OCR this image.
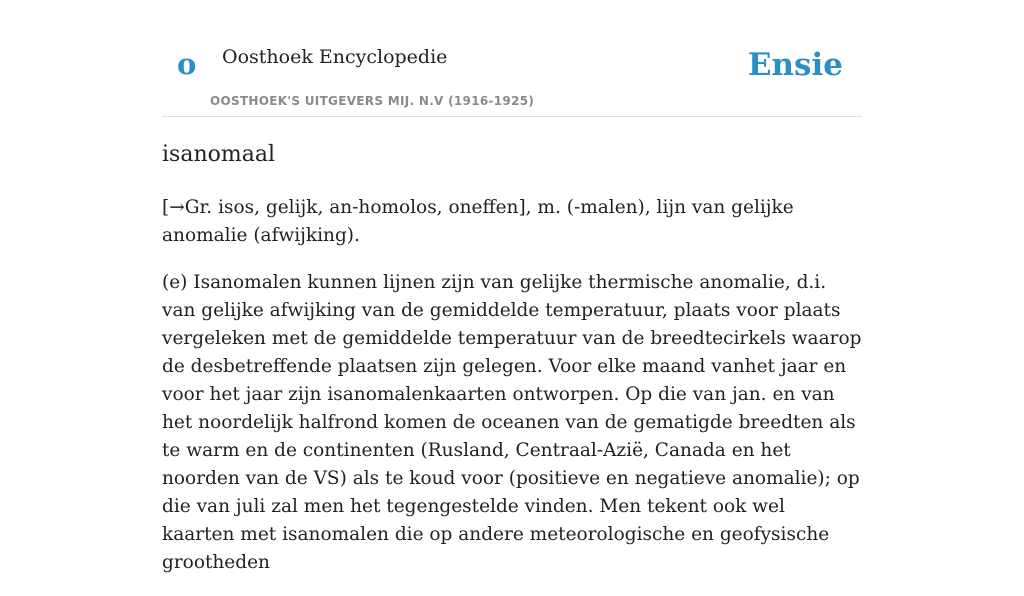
o Oosthoek Encyclopedie
OOSTHOEK'S UITGEVERS MIJ. N.V (1916-1925)
Ensie
isanomaal

[→Gr. isos, gelijk, an-homolos, oneffen], m. (-malen), lijn van gelijke anomalie (afwijking).

(e) Isanomalen kunnen lijnen zijn van gelijke thermische anomalie, d.i. van gelijke afwijking van de gemiddelde temperatuur, plaats voor plaats vergeleken met de gemiddelde temperatuur van de breedtecirkels waarop de desbetreffende plaatsen zijn gelegen. Voor elke maand vanhet jaar en voor het jaar zijn isanomalenkaarten ontworpen. Op die van jan. en van het noordelijk halfrond komen de oceanen van de gematigde breedten als te warm en de continenten (Rusland, Centraal-Azië, Canada en het noorden van de VS) als te koud voor (positieve en negatieve anomalie); op die van juli zal men het tegengestelde vinden. Men tekent ook wel kaarten met isanomalen die op andere meteorologische en geofysische grootheden
